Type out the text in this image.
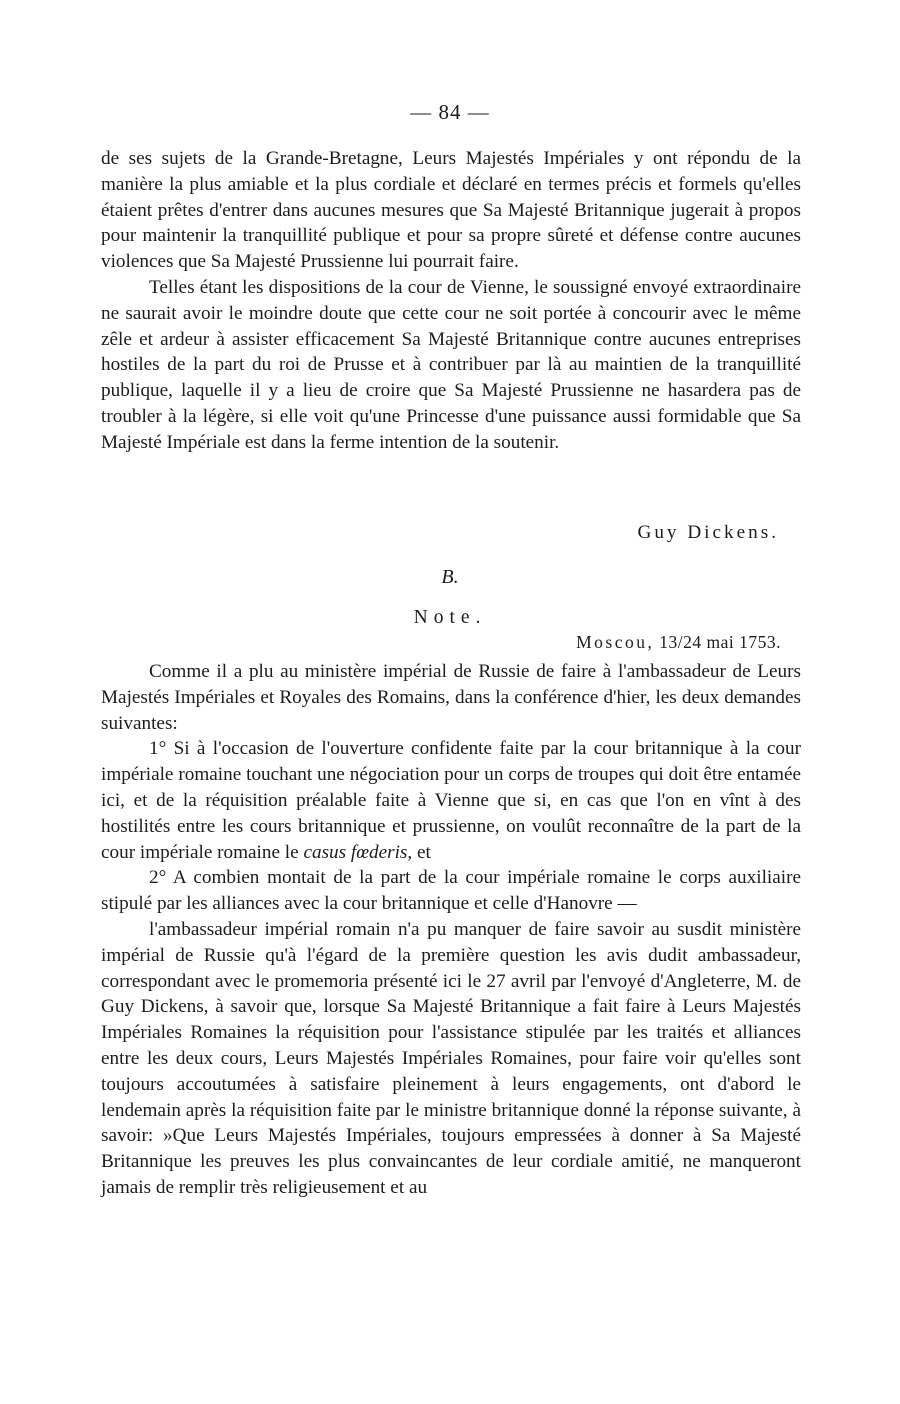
— 84 —

de ses sujets de la Grande-Bretagne, Leurs Majestés Impériales y ont répondu de la manière la plus amiable et la plus cordiale et déclaré en termes précis et formels qu'elles étaient prêtes d'entrer dans aucunes mesures que Sa Majesté Britannique jugerait à propos pour maintenir la tranquillité publique et pour sa propre sûreté et défense contre aucunes violences que Sa Majesté Prussienne lui pourrait faire.

Telles étant les dispositions de la cour de Vienne, le soussigné envoyé extraordinaire ne saurait avoir le moindre doute que cette cour ne soit portée à concourir avec le même zêle et ardeur à assister efficacement Sa Majesté Britannique contre aucunes entreprises hostiles de la part du roi de Prusse et à contribuer par là au maintien de la tranquillité publique, laquelle il y a lieu de croire que Sa Majesté Prussienne ne hasardera pas de troubler à la légère, si elle voit qu'une Princesse d'une puissance aussi formidable que Sa Majesté Impériale est dans la ferme intention de la soutenir.

Guy Dickens.
B.
Note.
Moscou, 13/24 mai 1753.

Comme il a plu au ministère impérial de Russie de faire à l'ambassadeur de Leurs Majestés Impériales et Royales des Romains, dans la conférence d'hier, les deux demandes suivantes:

1° Si à l'occasion de l'ouverture confidente faite par la cour britannique à la cour impériale romaine touchant une négociation pour un corps de troupes qui doit être entamée ici, et de la réquisition préalable faite à Vienne que si, en cas que l'on en vînt à des hostilités entre les cours britannique et prussienne, on voulût reconnaître de la part de la cour impériale romaine le casus fœderis, et

2° A combien montait de la part de la cour impériale romaine le corps auxiliaire stipulé par les alliances avec la cour britannique et celle d'Hanovre —

l'ambassadeur impérial romain n'a pu manquer de faire savoir au susdit ministère impérial de Russie qu'à l'égard de la première question les avis dudit ambassadeur, correspondant avec le promemoria présenté ici le 27 avril par l'envoyé d'Angleterre, M. de Guy Dickens, à savoir que, lorsque Sa Majesté Britannique a fait faire à Leurs Majestés Impériales Romaines la réquisition pour l'assistance stipulée par les traités et alliances entre les deux cours, Leurs Majestés Impériales Romaines, pour faire voir qu'elles sont toujours accoutumées à satisfaire pleinement à leurs engagements, ont d'abord le lendemain après la réquisition faite par le ministre britannique donné la réponse suivante, à savoir: »Que Leurs Majestés Impériales, toujours empressées à donner à Sa Majesté Britannique les preuves les plus convaincantes de leur cordiale amitié, ne manqueront jamais de remplir très religieusement et au
